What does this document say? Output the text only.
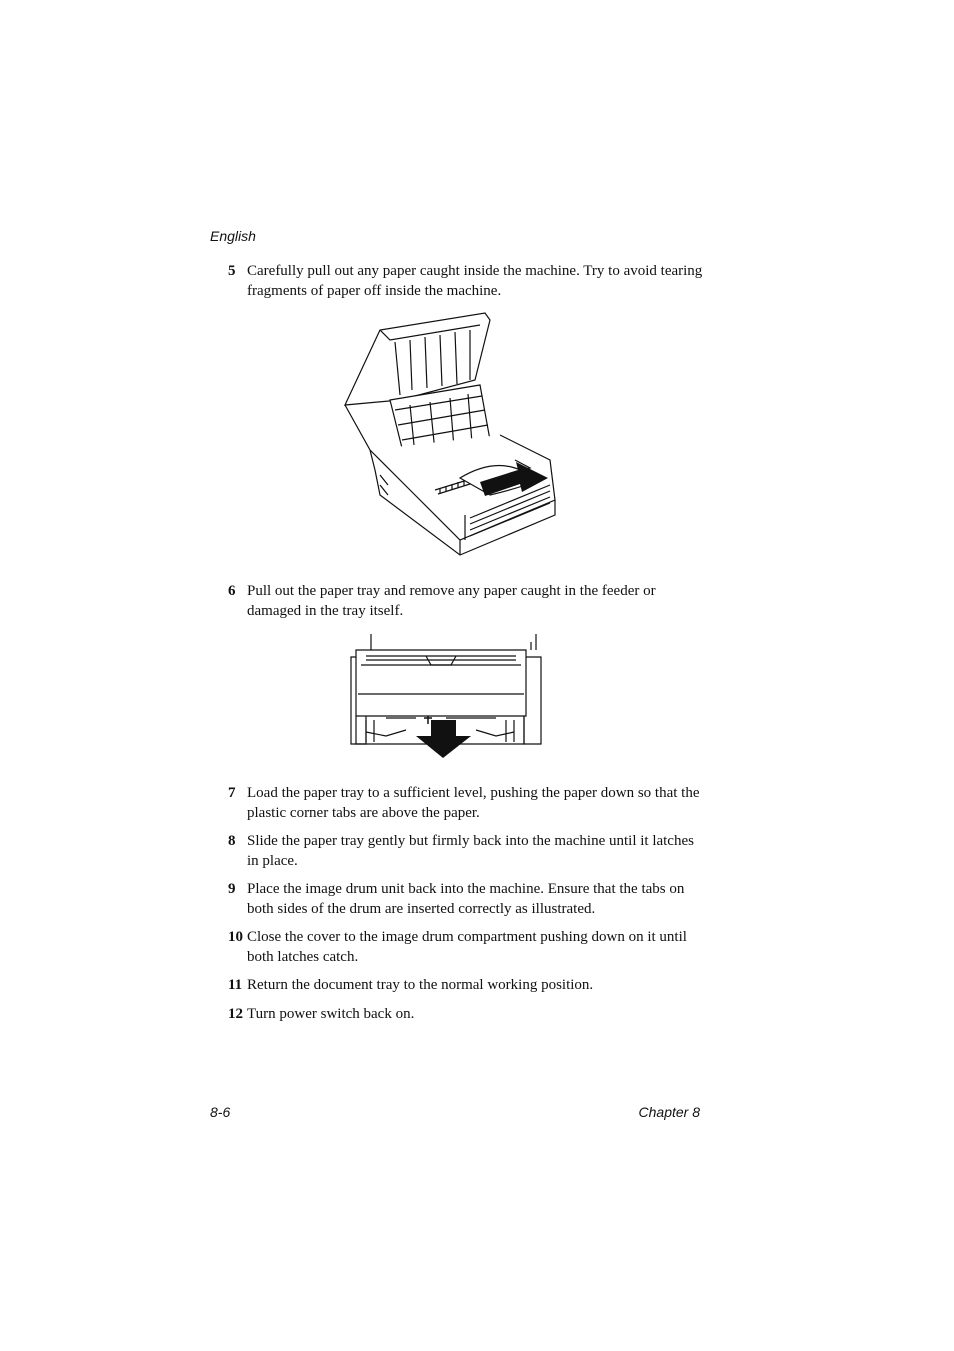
English
5 Carefully pull out any paper caught inside the machine. Try to avoid tearing fragments of paper off inside the machine.
6 Pull out the paper tray and remove any paper caught in the feeder or damaged in the tray itself.
7 Load the paper tray to a sufficient level, pushing the paper down so that the plastic corner tabs are above the paper.
8 Slide the paper tray gently but firmly back into the machine until it latches in place.
9 Place the image drum unit back into the machine. Ensure that the tabs on both sides of the drum are inserted correctly as illustrated.
10 Close the cover to the image drum compartment pushing down on it until both latches catch.
11 Return the document tray to the normal working position.
12 Turn power switch back on.
8-6	Chapter 8
